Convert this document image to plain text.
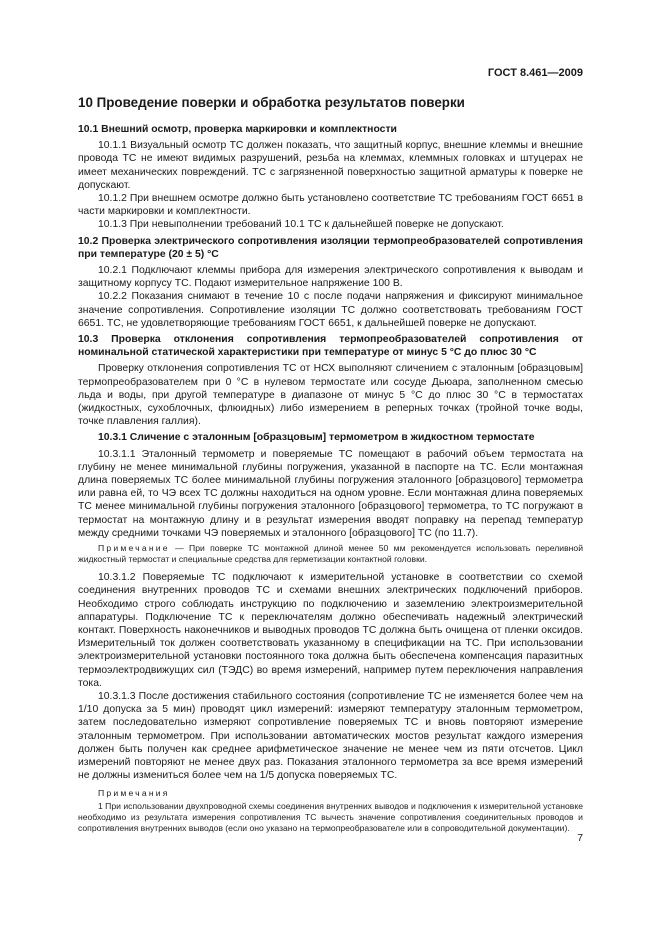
ГОСТ 8.461—2009
10 Проведение поверки и обработка результатов поверки
10.1 Внешний осмотр, проверка маркировки и комплектности

10.1.1 Визуальный осмотр ТС должен показать, что защитный корпус, внешние клеммы и внешние провода ТС не имеют видимых разрушений, резьба на клеммах, клеммных головках и штуцерах не имеет механических повреждений. ТС с загрязненной поверхностью защитной арматуры к поверке не допускают.

10.1.2 При внешнем осмотре должно быть установлено соответствие ТС требованиям ГОСТ 6651 в части маркировки и комплектности.

10.1.3 При невыполнении требований 10.1 ТС к дальнейшей поверке не допускают.

10.2 Проверка электрического сопротивления изоляции термопреобразователей сопротивления при температуре (20 ± 5) °С

10.2.1 Подключают клеммы прибора для измерения электрического сопротивления к выводам и защитному корпусу ТС. Подают измерительное напряжение 100 В.

10.2.2 Показания снимают в течение 10 с после подачи напряжения и фиксируют минимальное значение сопротивления. Сопротивление изоляции ТС должно соответствовать требованиям ГОСТ 6651. ТС, не удовлетворяющие требованиям ГОСТ 6651, к дальнейшей поверке не допускают.

10.3 Проверка отклонения сопротивления термопреобразователей сопротивления от номинальной статической характеристики при температуре от минус 5 °С до плюс 30 °С

Проверку отклонения сопротивления ТС от НСХ выполняют сличением с эталонным [образцовым] термопреобразователем при 0 °С в нулевом термостате или сосуде Дьюара, заполненном смесью льда и воды, при другой температуре в диапазоне от минус 5 °С до плюс 30 °С в термостатах (жидкостных, сухоблочных, флюидных) либо измерением в реперных точках (тройной точке воды, точке плавления галлия).

10.3.1 Сличение с эталонным [образцовым] термометром в жидкостном термостате

10.3.1.1 Эталонный термометр и поверяемые ТС помещают в рабочий объем термостата на глубину не менее минимальной глубины погружения, указанной в паспорте на ТС. Если монтажная длина поверяемых ТС более минимальной глубины погружения эталонного [образцового] термометра или равна ей, то ЧЭ всех ТС должны находиться на одном уровне. Если монтажная длина поверяемых ТС менее минимальной глубины погружения эталонного [образцового] термометра, то ТС погружают в термостат на монтажную длину и в результат измерения вводят поправку на перепад температур между средними точками ЧЭ поверяемых и эталонного [образцового] ТС (по 11.7).

Примечание — При поверке ТС монтажной длиной менее 50 мм рекомендуется использовать переливной жидкостный термостат и специальные средства для герметизации контактной головки.

10.3.1.2 Поверяемые ТС подключают к измерительной установке в соответствии со схемой соединения внутренних проводов ТС и схемами внешних электрических подключений приборов. Необходимо строго соблюдать инструкцию по подключению и заземлению электроизмерительной аппаратуры. Подключение ТС к переключателям должно обеспечивать надежный электрический контакт. Поверхность наконечников и выводных проводов ТС должна быть очищена от пленки оксидов. Измерительный ток должен соответствовать указанному в спецификации на ТС. При использовании электроизмерительной установки постоянного тока должна быть обеспечена компенсация паразитных термоэлектродвижущих сил (ТЭДС) во время измерений, например путем переключения направления тока.

10.3.1.3 После достижения стабильного состояния (сопротивление ТС не изменяется более чем на 1/10 допуска за 5 мин) проводят цикл измерений: измеряют температуру эталонным термометром, затем последовательно измеряют сопротивление поверяемых ТС и вновь повторяют измерение эталонным термометром. При использовании автоматических мостов результат каждого измерения должен быть получен как среднее арифметическое значение не менее чем из пяти отсчетов. Цикл измерений повторяют не менее двух раз. Показания эталонного термометра за все время измерений не должны измениться более чем на 1/5 допуска поверяемых ТС.

Примечания
1 При использовании двухпроводной схемы соединения внутренних выводов и подключения к измерительной установке необходимо из результата измерения сопротивления ТС вычесть значение сопротивления соединительных проводов и сопротивления внутренних выводов (если оно указано на термопреобразователе или в сопроводительной документации).
7
